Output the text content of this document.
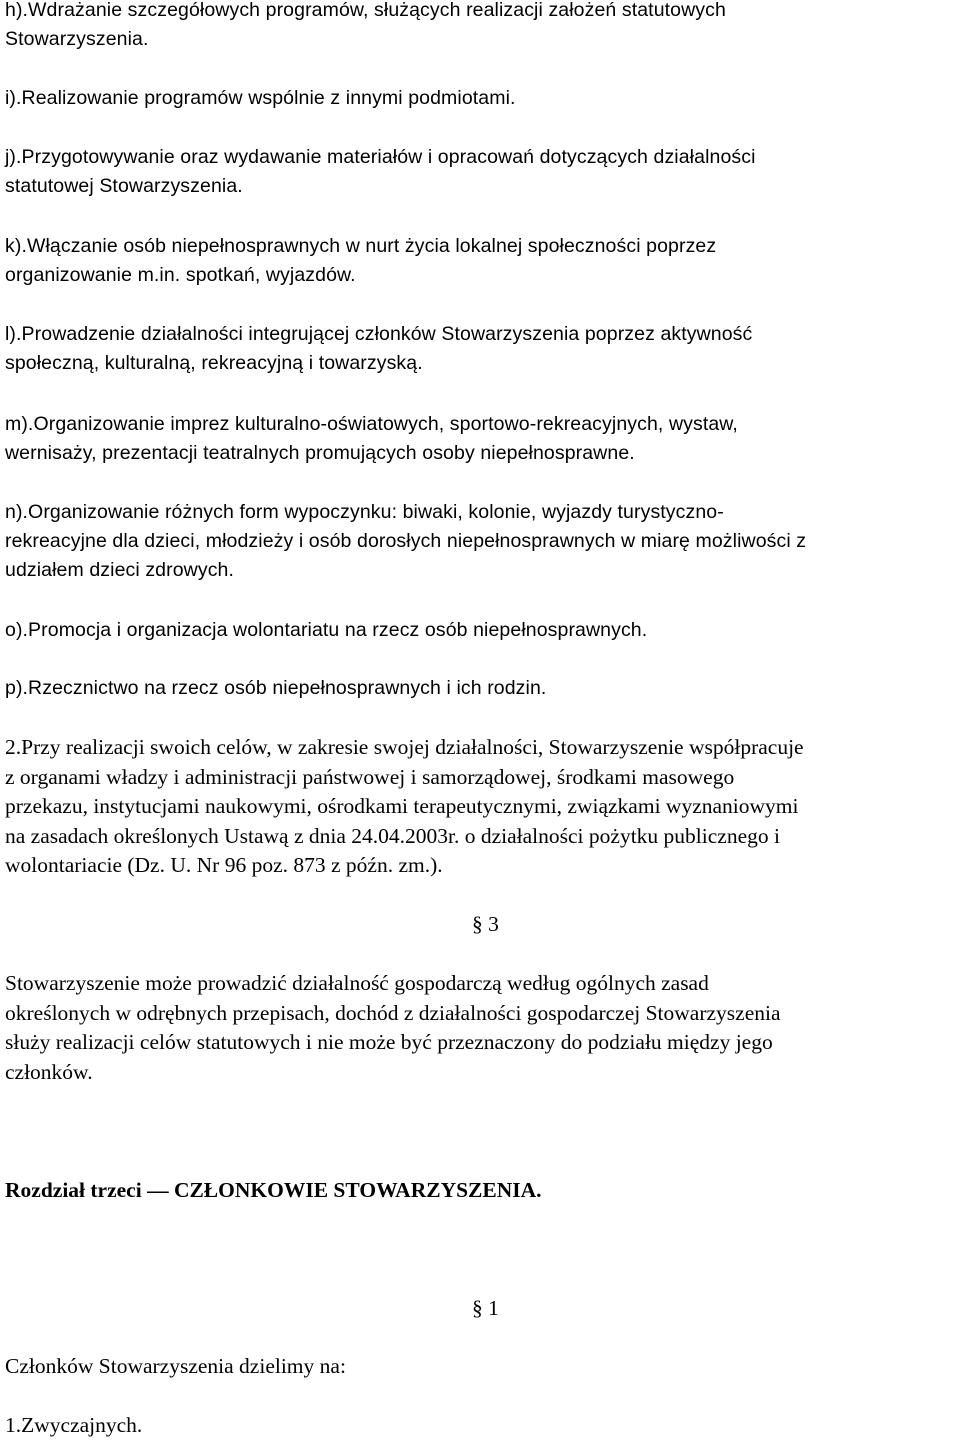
h).Wdrażanie szczegółowych programów, służących realizacji założeń statutowych
Stowarzyszenia.

i).Realizowanie programów wspólnie z innymi podmiotami.

j).Przygotowywanie oraz wydawanie materiałów i opracowań dotyczących działalności
statutowej Stowarzyszenia.

k).Włączanie osób niepełnosprawnych w nurt życia lokalnej społeczności poprzez
organizowanie m.in. spotkań, wyjazdów.

l).Prowadzenie działalności integrującej członków Stowarzyszenia poprzez aktywność
społeczną, kulturalną, rekreacyjną i towarzyską.

m).Organizowanie imprez kulturalno-oświatowych, sportowo-rekreacyjnych, wystaw,
wernisaży, prezentacji teatralnych promujących osoby niepełnosprawne.

n).Organizowanie różnych form wypoczynku: biwaki, kolonie, wyjazdy turystyczno-
rekreacyjne dla dzieci, młodzieży i osób dorosłych niepełnosprawnych w miarę możliwości z
udziałem dzieci zdrowych.

o).Promocja i organizacja wolontariatu na rzecz osób niepełnosprawnych.

p).Rzecznictwo na rzecz osób niepełnosprawnych i ich rodzin.

2.Przy realizacji swoich celów, w zakresie swojej działalności, Stowarzyszenie współpracuje
z organami władzy i administracji państwowej i samorządowej, środkami masowego
przekazu, instytucjami naukowymi, ośrodkami terapeutycznymi, związkami wyznaniowymi
na zasadach określonych Ustawą z dnia 24.04.2003r. o działalności pożytku publicznego i
wolontariacie (Dz. U. Nr 96 poz. 873 z późn. zm.).

§ 3

Stowarzyszenie może prowadzić działalność gospodarczą według ogólnych zasad
określonych w odrębnych przepisach, dochód z działalności gospodarczej Stowarzyszenia
służy realizacji celów statutowych i nie może być przeznaczony do podziału między jego
członków.

Rozdział trzeci — CZŁONKOWIE STOWARZYSZENIA.

§ 1

Członków Stowarzyszenia dzielimy na:

1.Zwyczajnych.
